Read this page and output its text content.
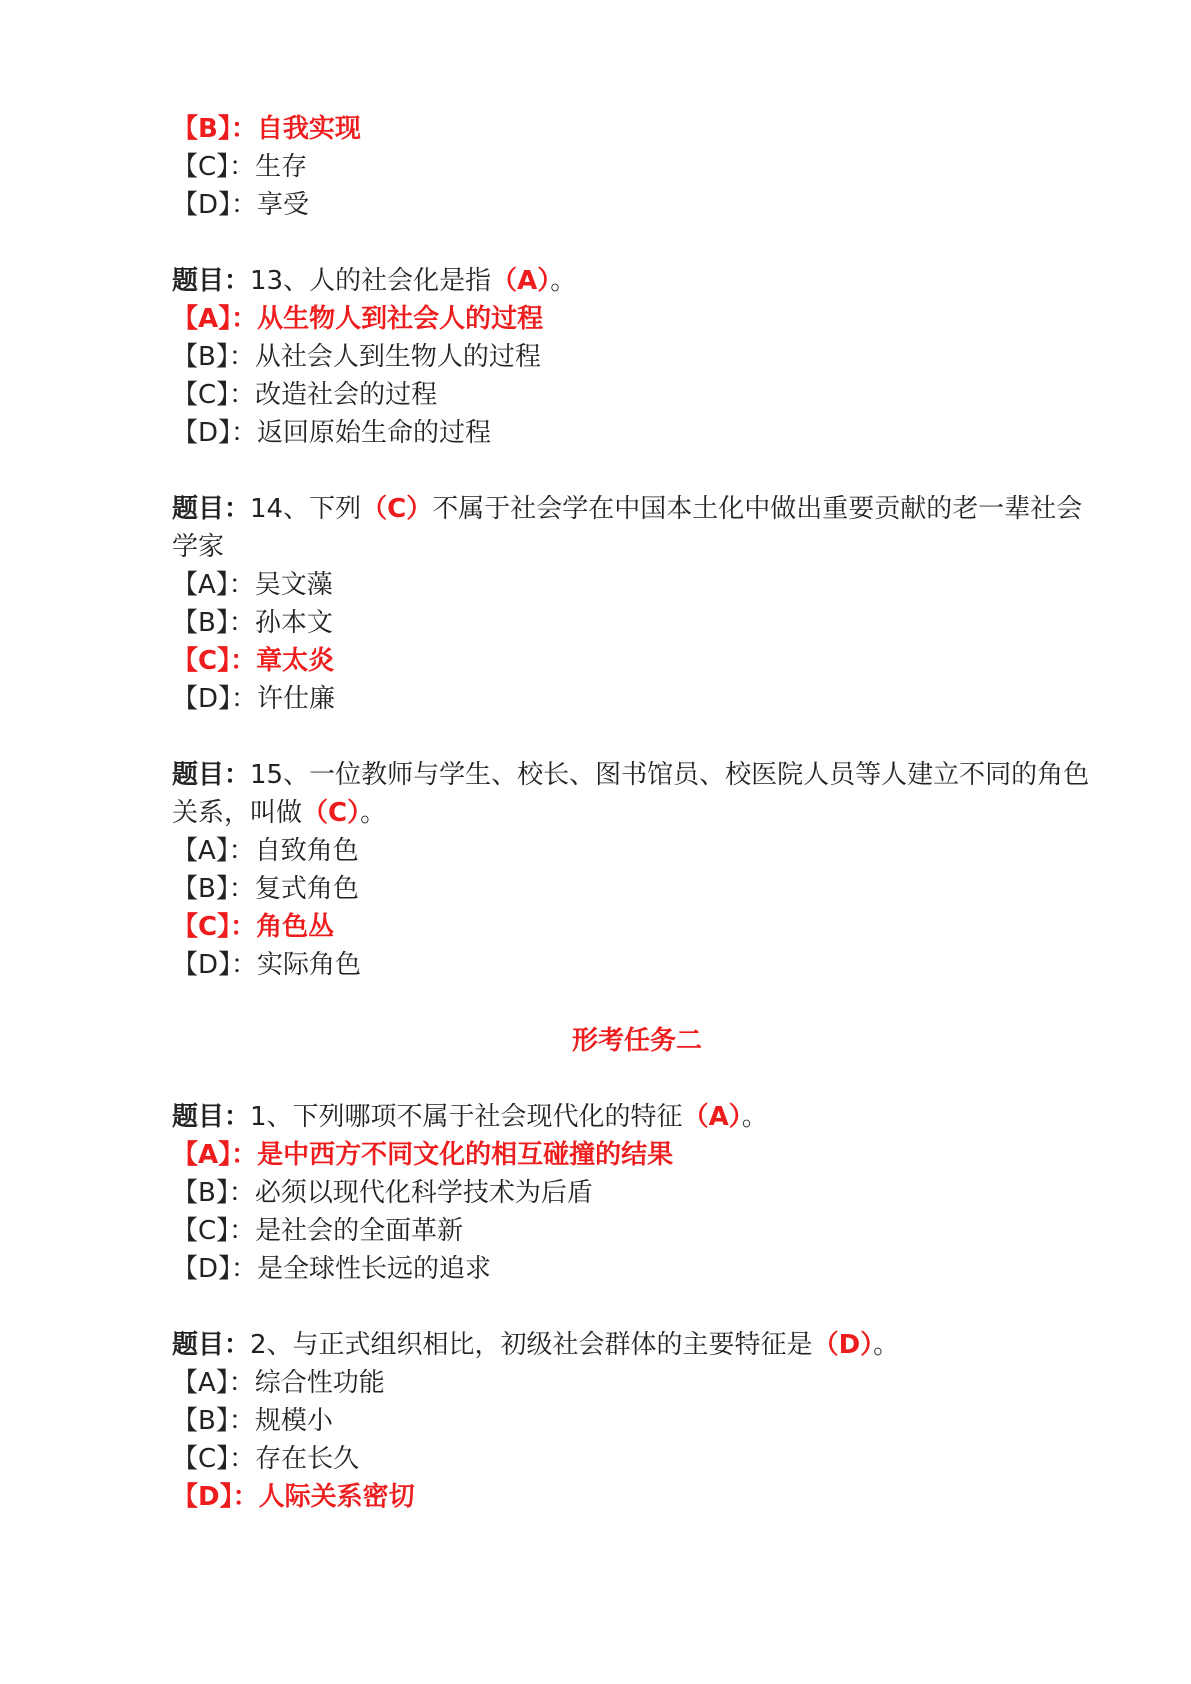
【B】：自我实现
【C】：生存
【D】：享受
题目：13、人的社会化是指（A）。
【A】：从生物人到社会人的过程
【B】：从社会人到生物人的过程
【C】：改造社会的过程
【D】：返回原始生命的过程
题目：14、下列（C）不属于社会学在中国本土化中做出重要贡献的老一辈社会学家
【A】：吴文藻
【B】：孙本文
【C】：章太炎
【D】：许仕廉
题目：15、一位教师与学生、校长、图书馆员、校医院人员等人建立不同的角色关系，叫做（C）。
【A】：自致角色
【B】：复式角色
【C】：角色丛
【D】：实际角色
形考任务二
题目：1、下列哪项不属于社会现代化的特征（A）。
【A】：是中西方不同文化的相互碰撞的结果
【B】：必须以现代化科学技术为后盾
【C】：是社会的全面革新
【D】：是全球性长远的追求
题目：2、与正式组织相比，初级社会群体的主要特征是（D）。
【A】：综合性功能
【B】：规模小
【C】：存在长久
【D】：人际关系密切
